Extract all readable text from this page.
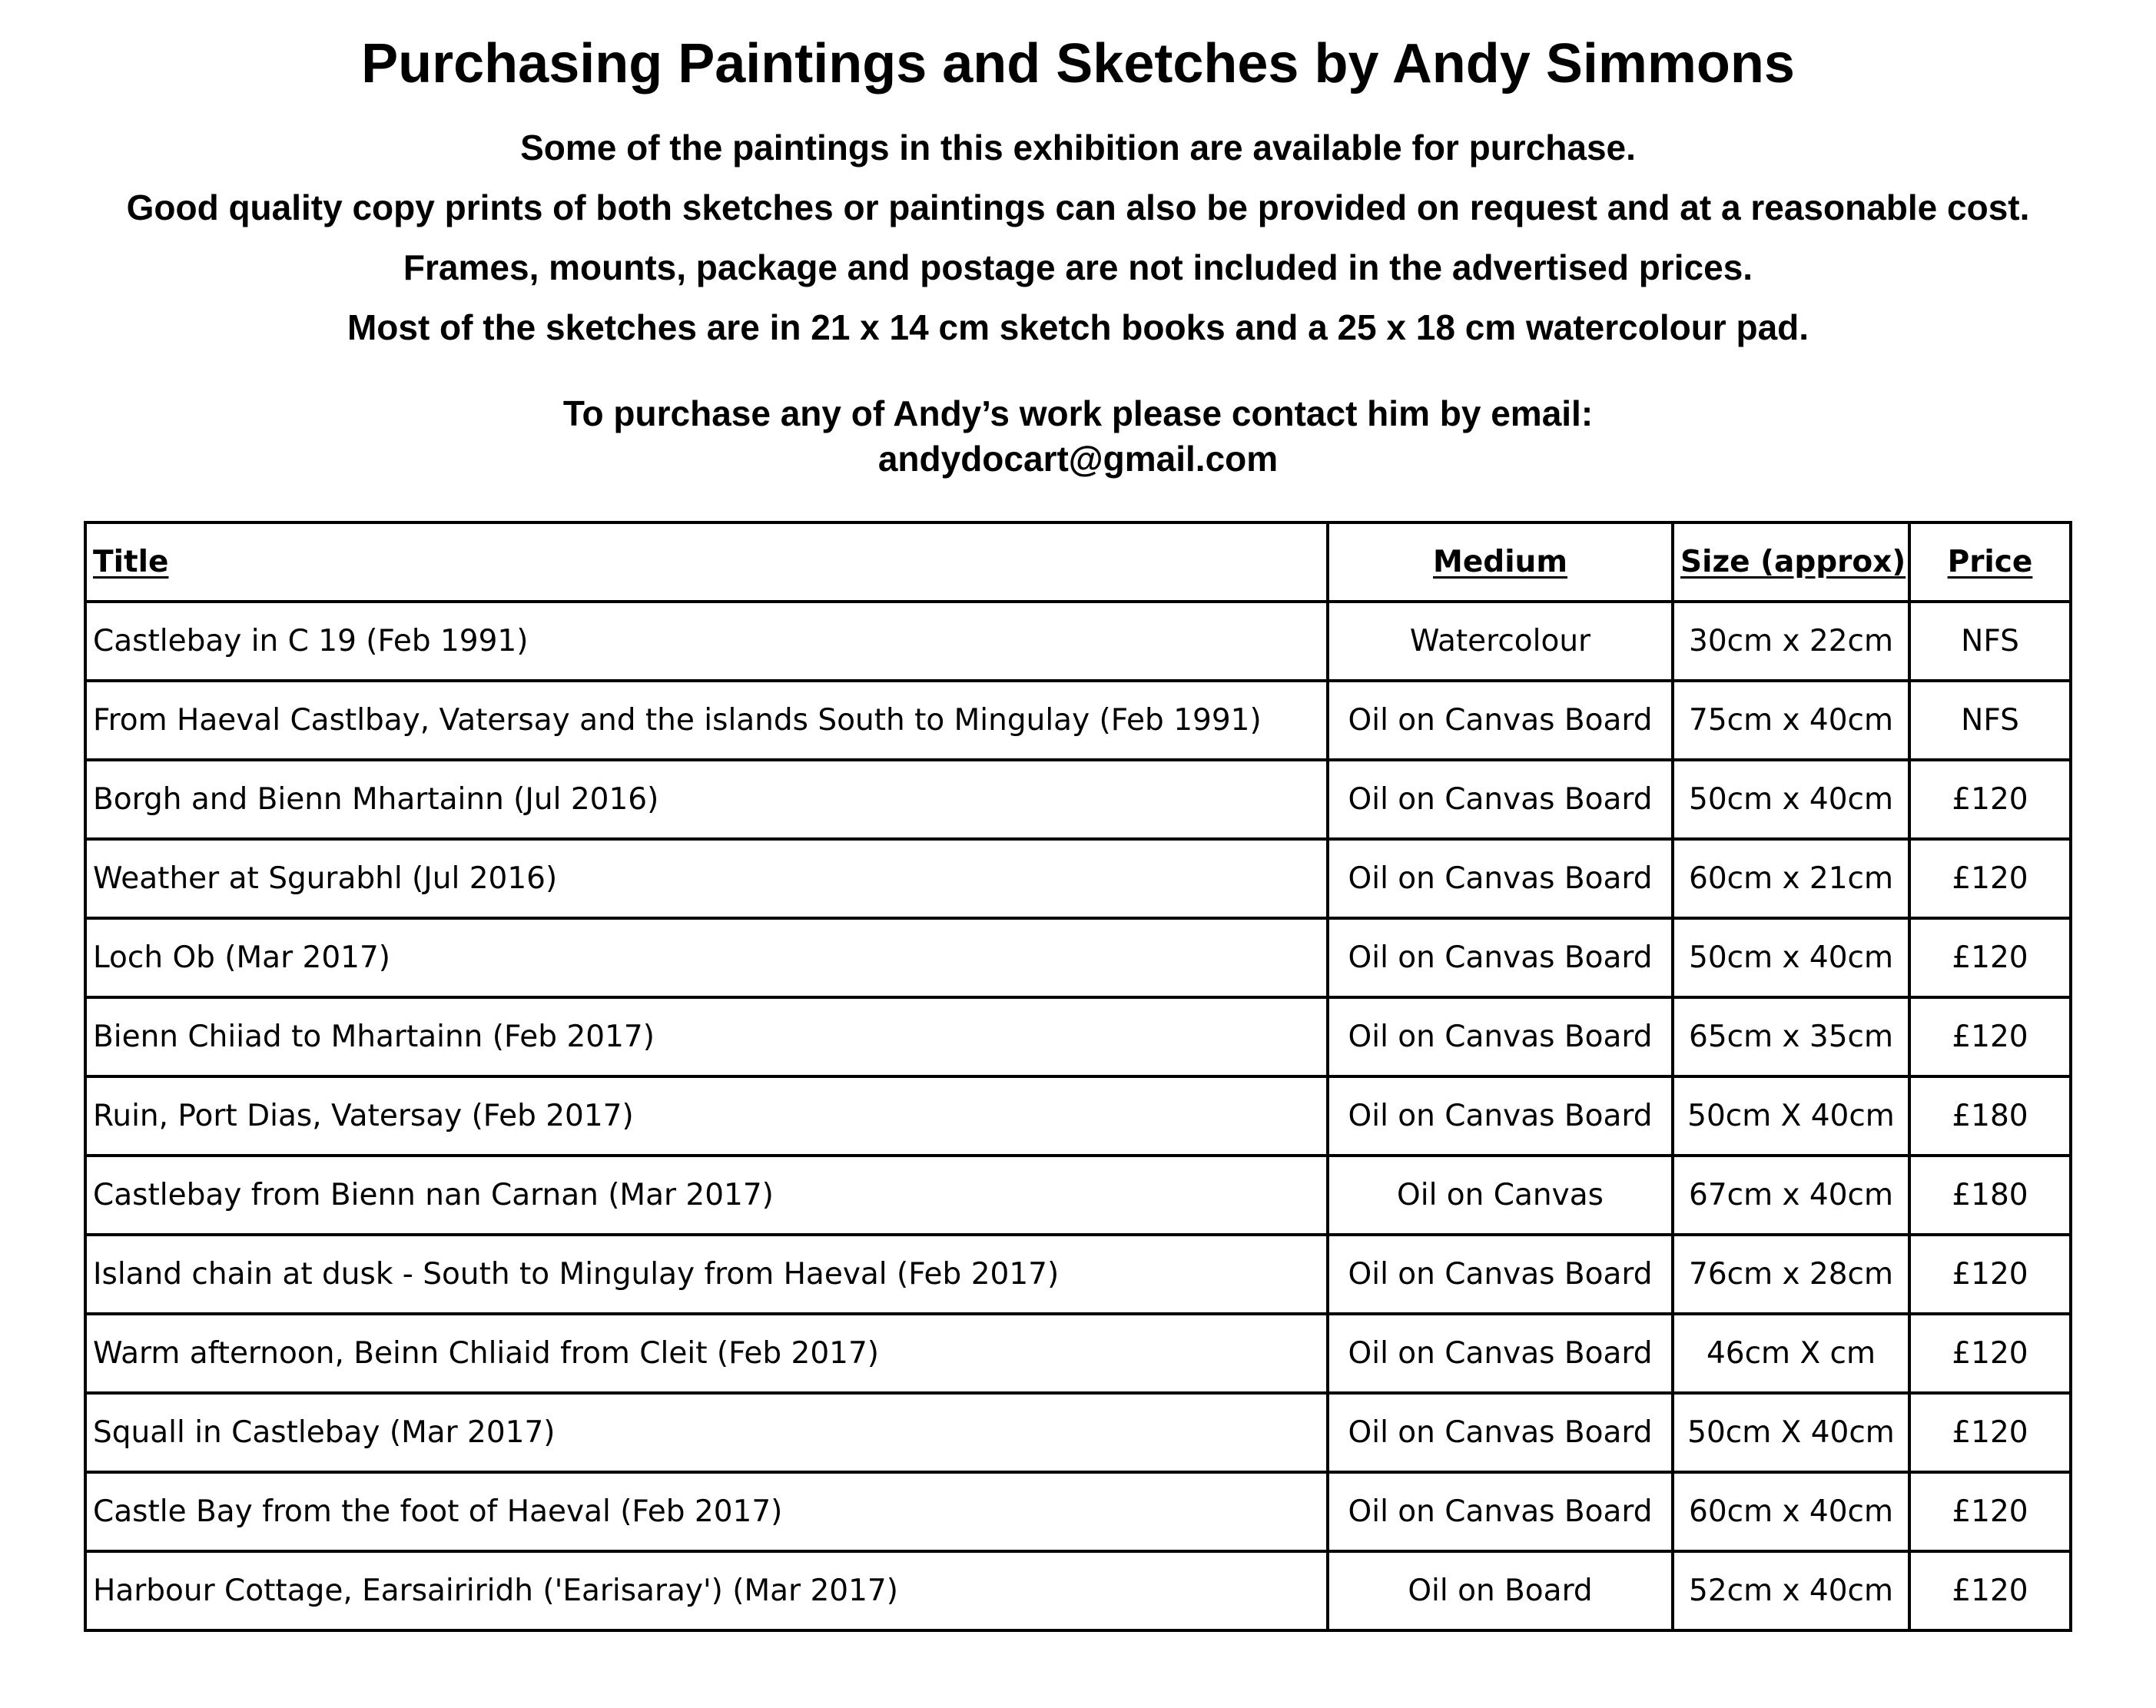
Purchasing Paintings and Sketches by Andy Simmons

Some of the paintings in this exhibition are available for purchase.

Good quality copy prints of both sketches or paintings can also be provided on request and at a reasonable cost.

Frames, mounts, package and postage are not included in the advertised prices.

Most of the sketches are in 21 x 14 cm sketch books and a 25 x 18 cm watercolour pad.

To purchase any of Andy’s work please contact him by email:

andydocart@gmail.com

Title	Medium	Size (approx)	Price
Castlebay in C 19 (Feb 1991)	Watercolour	30cm x 22cm	NFS
From Haeval Castlbay, Vatersay and the islands South to Mingulay (Feb 1991)	Oil on Canvas Board	75cm x 40cm	NFS
Borgh and Bienn Mhartainn (Jul 2016)	Oil on Canvas Board	50cm x 40cm	£120
Weather at Sgurabhl (Jul 2016)	Oil on Canvas Board	60cm x 21cm	£120
Loch Ob (Mar 2017)	Oil on Canvas Board	50cm x 40cm	£120
Bienn Chiiad to Mhartainn (Feb 2017)	Oil on Canvas Board	65cm x 35cm	£120
Ruin, Port Dias, Vatersay (Feb 2017)	Oil on Canvas Board	50cm X 40cm	£180
Castlebay from Bienn nan Carnan (Mar 2017)	Oil on Canvas	67cm x 40cm	£180
Island chain at dusk - South to Mingulay from Haeval (Feb 2017)	Oil on Canvas Board	76cm x 28cm	£120
Warm afternoon, Beinn Chliaid from Cleit (Feb 2017)	Oil on Canvas Board	46cm X cm	£120
Squall in Castlebay (Mar 2017)	Oil on Canvas Board	50cm X 40cm	£120
Castle Bay from the foot of Haeval (Feb 2017)	Oil on Canvas Board	60cm x 40cm	£120
Harbour Cottage, Earsairiridh ('Earisaray') (Mar 2017)	Oil on Board	52cm x 40cm	£120
